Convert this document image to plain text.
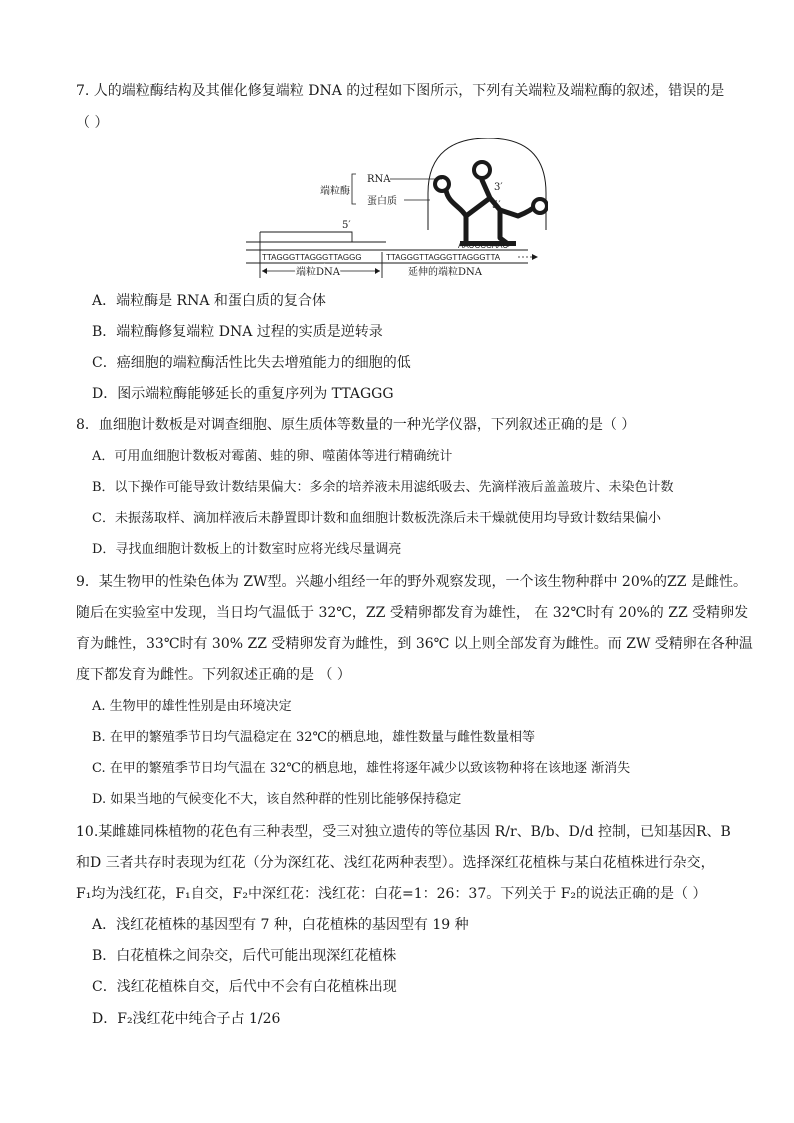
7. 人的端粒酶结构及其催化修复端粒 DNA 的过程如下图所示，下列有关端粒及端粒酶的叙述，错误的是
（ ）
端粒酶
RNA
蛋白质
3′
5′
5′
AAUCCCAAU
TTAGGGTTAGGGTTAGGG	TTAGGGTTAGGGTTAGGGTTA
端粒DNA	延伸的端粒DNA
A．端粒酶是 RNA 和蛋白质的复合体
B．端粒酶修复端粒 DNA 过程的实质是逆转录
C．癌细胞的端粒酶活性比失去增殖能力的细胞的低
D．图示端粒酶能够延长的重复序列为 TTAGGG
8．血细胞计数板是对调查细胞、原生质体等数量的一种光学仪器，下列叙述正确的是（ ）
A．可用血细胞计数板对霉菌、蛙的卵、噬菌体等进行精确统计
B．以下操作可能导致计数结果偏大：多余的培养液未用滤纸吸去、先滴样液后盖盖玻片、未染色计数
C．未振荡取样、滴加样液后未静置即计数和血细胞计数板洗涤后未干燥就使用均导致计数结果偏小
D．寻找血细胞计数板上的计数室时应将光线尽量调亮
9．某生物甲的性染色体为 ZW型。兴趣小组经一年的野外观察发现，一个该生物种群中 20%的ZZ 是雌性。
随后在实验室中发现，当日均气温低于 32℃，ZZ 受精卵都发育为雄性， 在 32℃时有 20%的 ZZ 受精卵发
育为雌性，33℃时有 30% ZZ 受精卵发育为雌性，到 36℃ 以上则全部发育为雌性。而 ZW 受精卵在各种温
度下都发育为雌性。下列叙述正确的是 （ ）
A. 生物甲的雄性性别是由环境决定
B. 在甲的繁殖季节日均气温稳定在 32℃的栖息地，雄性数量与雌性数量相等
C. 在甲的繁殖季节日均气温在 32℃的栖息地，雄性将逐年减少以致该物种将在该地逐 渐消失
D. 如果当地的气候变化不大，该自然种群的性别比能够保持稳定
10.某雌雄同株植物的花色有三种表型，受三对独立遗传的等位基因 R/r、B/b、D/d 控制，已知基因R、B
和D 三者共存时表现为红花（分为深红花、浅红花两种表型）。选择深红花植株与某白花植株进行杂交，
F₁均为浅红花，F₁自交，F₂中深红花：浅红花：白花=1：26：37。下列关于 F₂的说法正确的是（ ）
A．浅红花植株的基因型有 7 种，白花植株的基因型有 19 种
B．白花植株之间杂交，后代可能出现深红花植株
C．浅红花植株自交，后代中不会有白花植株出现
D．F₂浅红花中纯合子占 1/26
